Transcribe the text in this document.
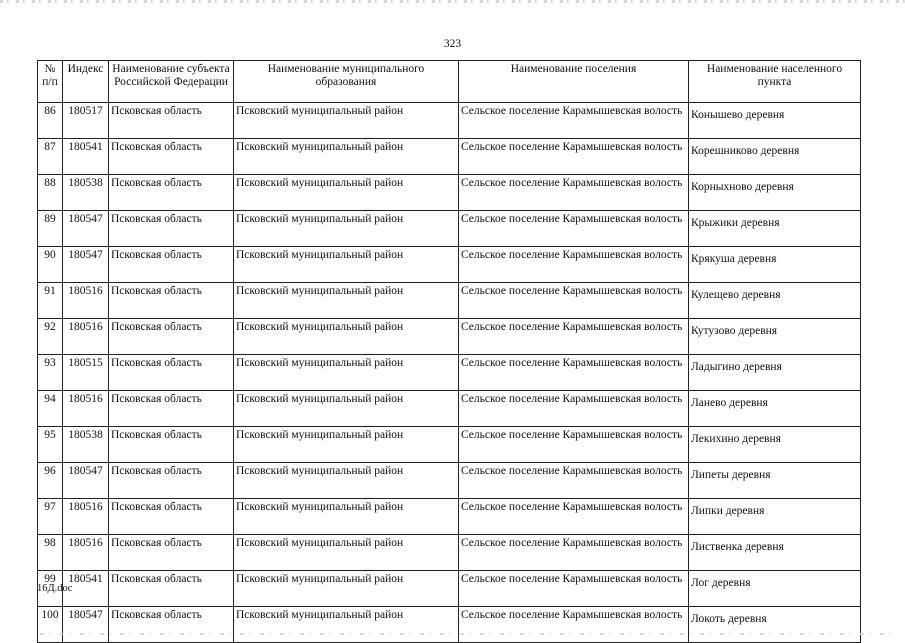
323
№ п/п	Индекс	Наименование субъекта Российской Федерации	Наименование муниципального образования	Наименование поселения	Наименование населенного пункта
86	180517	Псковская область	Псковский муниципальный район	Сельское поселение Карамышевская волость	Конышево деревня
87	180541	Псковская область	Псковский муниципальный район	Сельское поселение Карамышевская волость	Корешниково деревня
88	180538	Псковская область	Псковский муниципальный район	Сельское поселение Карамышевская волость	Корныхново деревня
89	180547	Псковская область	Псковский муниципальный район	Сельское поселение Карамышевская волость	Крыжики деревня
90	180547	Псковская область	Псковский муниципальный район	Сельское поселение Карамышевская волость	Крякуша деревня
91	180516	Псковская область	Псковский муниципальный район	Сельское поселение Карамышевская волость	Кулещево деревня
92	180516	Псковская область	Псковский муниципальный район	Сельское поселение Карамышевская волость	Кутузово деревня
93	180515	Псковская область	Псковский муниципальный район	Сельское поселение Карамышевская волость	Ладыгино деревня
94	180516	Псковская область	Псковский муниципальный район	Сельское поселение Карамышевская волость	Ланево деревня
95	180538	Псковская область	Псковский муниципальный район	Сельское поселение Карамышевская волость	Лекихино деревня
96	180547	Псковская область	Псковский муниципальный район	Сельское поселение Карамышевская волость	Липеты деревня
97	180516	Псковская область	Псковский муниципальный район	Сельское поселение Карамышевская волость	Липки деревня
98	180516	Псковская область	Псковский муниципальный район	Сельское поселение Карамышевская волость	Лиственка деревня
99	180541	Псковская область	Псковский муниципальный район	Сельское поселение Карамышевская волость	Лог деревня
100	180547	Псковская область	Псковский муниципальный район	Сельское поселение Карамышевская волость	Локоть деревня
16Д.doc
